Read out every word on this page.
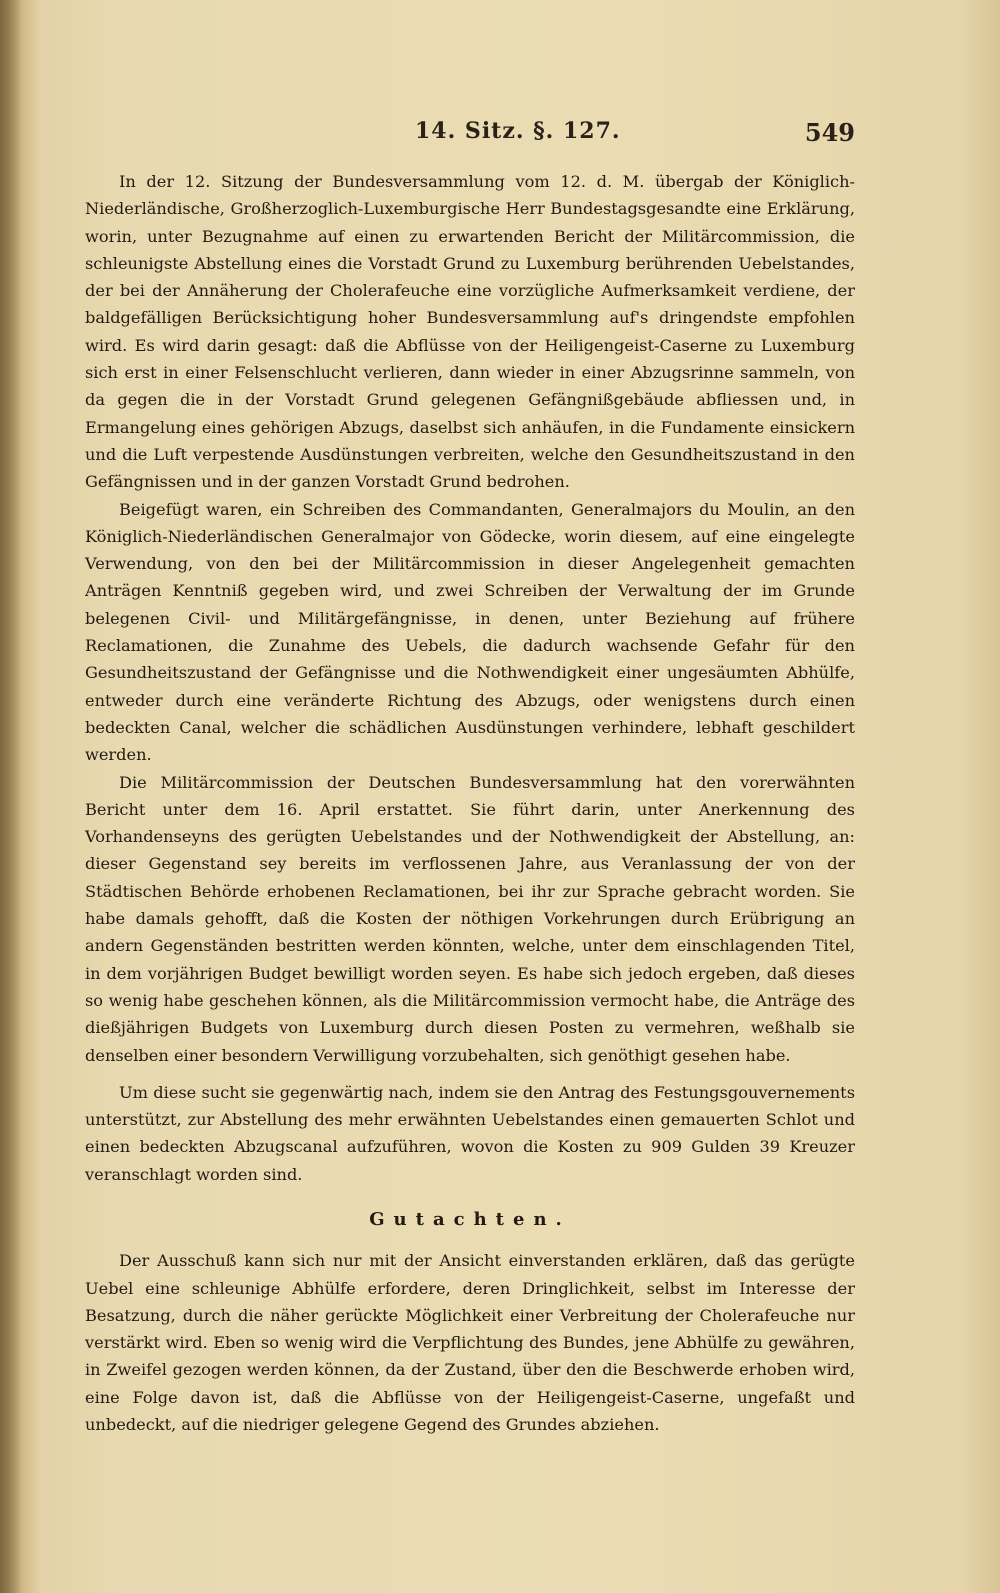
14. Sitz. §. 127.	549

In der 12. Sitzung der Bundesversammlung vom 12. d. M. übergab der Königlich-Niederländische, Großherzoglich-Luxemburgische Herr Bundestagsgesandte eine Erklärung, worin, unter Bezugnahme auf einen zu erwartenden Bericht der Militärcommission, die schleunigste Abstellung eines die Vorstadt Grund zu Luxemburg berührenden Uebelstandes, der bei der Annäherung der Cholerafeuche eine vorzügliche Aufmerksamkeit verdiene, der baldgefälligen Berücksichtigung hoher Bundesversammlung auf's dringendste empfohlen wird. Es wird darin gesagt: daß die Abflüsse von der Heiligengeist-Caserne zu Luxemburg sich erst in einer Felsenschlucht verlieren, dann wieder in einer Abzugsrinne sammeln, von da gegen die in der Vorstadt Grund gelegenen Gefängnißgebäude abfliessen und, in Ermangelung eines gehörigen Abzugs, daselbst sich anhäufen, in die Fundamente einsickern und die Luft verpestende Ausdünstungen verbreiten, welche den Gesundheitszustand in den Gefängnissen und in der ganzen Vorstadt Grund bedrohen.

Beigefügt waren, ein Schreiben des Commandanten, Generalmajors du Moulin, an den Königlich-Niederländischen Generalmajor von Gödecke, worin diesem, auf eine eingelegte Verwendung, von den bei der Militärcommission in dieser Angelegenheit gemachten Anträgen Kenntniß gegeben wird, und zwei Schreiben der Verwaltung der im Grunde belegenen Civil- und Militärgefängnisse, in denen, unter Beziehung auf frühere Reclamationen, die Zunahme des Uebels, die dadurch wachsende Gefahr für den Gesundheitszustand der Gefängnisse und die Nothwendigkeit einer ungesäumten Abhülfe, entweder durch eine veränderte Richtung des Abzugs, oder wenigstens durch einen bedeckten Canal, welcher die schädlichen Ausdünstungen verhindere, lebhaft geschildert werden.

Die Militärcommission der Deutschen Bundesversammlung hat den vorerwähnten Bericht unter dem 16. April erstattet. Sie führt darin, unter Anerkennung des Vorhandenseyns des gerügten Uebelstandes und der Nothwendigkeit der Abstellung, an: dieser Gegenstand sey bereits im verflossenen Jahre, aus Veranlassung der von der Städtischen Behörde erhobenen Reclamationen, bei ihr zur Sprache gebracht worden. Sie habe damals gehofft, daß die Kosten der nöthigen Vorkehrungen durch Erübrigung an andern Gegenständen bestritten werden könnten, welche, unter dem einschlagenden Titel, in dem vorjährigen Budget bewilligt worden seyen. Es habe sich jedoch ergeben, daß dieses so wenig habe geschehen können, als die Militärcommission vermocht habe, die Anträge des dießjährigen Budgets von Luxemburg durch diesen Posten zu vermehren, weßhalb sie denselben einer besondern Verwilligung vorzubehalten, sich genöthigt gesehen habe.

Um diese sucht sie gegenwärtig nach, indem sie den Antrag des Festungsgouvernements unterstützt, zur Abstellung des mehr erwähnten Uebelstandes einen gemauerten Schlot und einen bedeckten Abzugscanal aufzuführen, wovon die Kosten zu 909 Gulden 39 Kreuzer veranschlagt worden sind.

Gutachten.

Der Ausschuß kann sich nur mit der Ansicht einverstanden erklären, daß das gerügte Uebel eine schleunige Abhülfe erfordere, deren Dringlichkeit, selbst im Interesse der Besatzung, durch die näher gerückte Möglichkeit einer Verbreitung der Cholerafeuche nur verstärkt wird. Eben so wenig wird die Verpflichtung des Bundes, jene Abhülfe zu gewähren, in Zweifel gezogen werden können, da der Zustand, über den die Beschwerde erhoben wird, eine Folge davon ist, daß die Abflüsse von der Heiligengeist-Caserne, ungefaßt und unbedeckt, auf die niedriger gelegene Gegend des Grundes abziehen.
